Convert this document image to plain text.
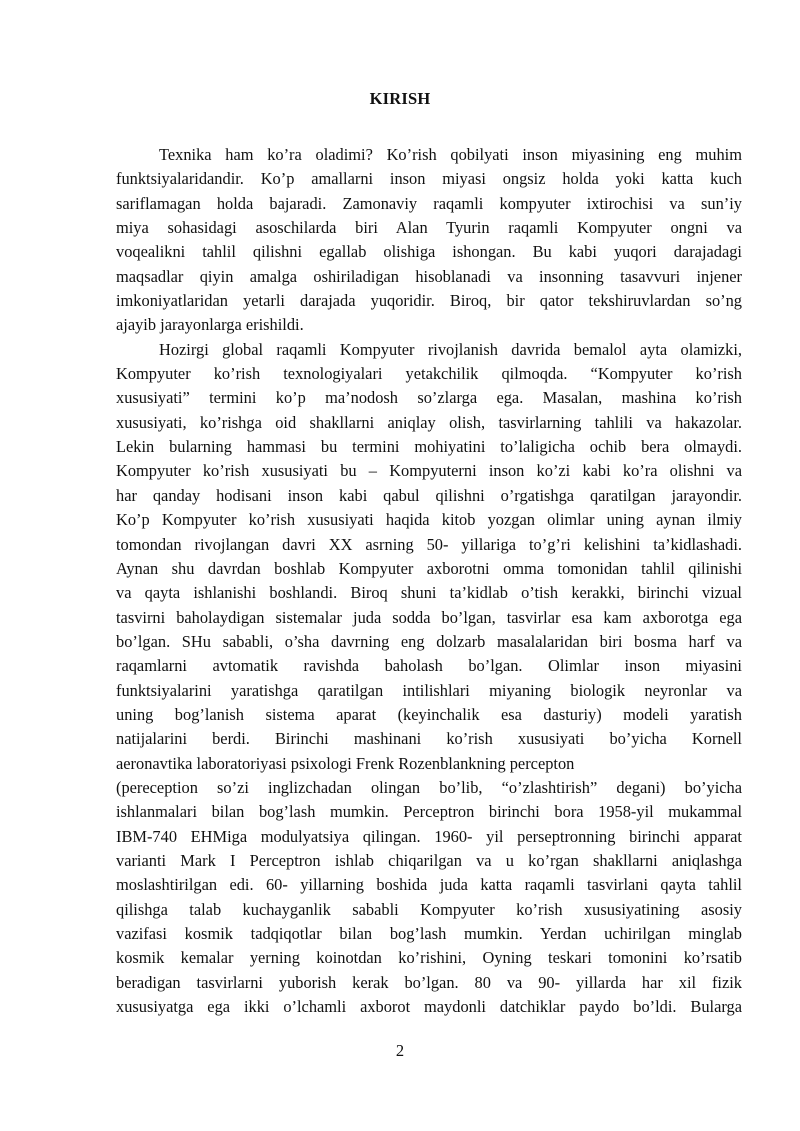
KIRISH
Texnika ham ko’ra oladimi? Ko’rish qobilyati inson miyasining eng muhim
funktsiyalaridandir. Ko’p amallarni inson miyasi ongsiz holda yoki katta kuch
sariflamagan holda bajaradi. Zamonaviy raqamli kompyuter ixtirochisi va sun’iy
miya sohasidagi asoschilarda biri Alan Tyurin raqamli Kompyuter ongni va
voqealikni tahlil qilishni egallab olishiga ishongan. Bu kabi yuqori darajadagi
maqsadlar qiyin amalga oshiriladigan hisoblanadi va insonning tasavvuri injener
imkoniyatlaridan yetarli darajada yuqoridir. Biroq, bir qator tekshiruvlardan so’ng
ajayib jarayonlarga erishildi.
Hozirgi global raqamli Kompyuter rivojlanish davrida bemalol ayta olamizki,
Kompyuter ko’rish texnologiyalari yetakchilik qilmoqda. “Kompyuter ko’rish
xususiyati” termini ko’p ma’nodosh so’zlarga ega. Masalan, mashina ko’rish
xususiyati, ko’rishga oid shakllarni aniqlay olish, tasvirlarning tahlili va hakazolar.
Lekin bularning hammasi bu termini mohiyatini to’laligicha ochib bera olmaydi.
Kompyuter ko’rish xususiyati bu – Kompyuterni inson ko’zi kabi ko’ra olishni va
har qanday hodisani inson kabi qabul qilishni o’rgatishga qaratilgan jarayondir.
Ko’p Kompyuter ko’rish xususiyati haqida kitob yozgan olimlar uning aynan ilmiy
tomondan rivojlangan davri XX asrning 50- yillariga to’g’ri kelishini ta’kidlashadi.
Aynan shu davrdan boshlab Kompyuter axborotni omma tomonidan tahlil qilinishi
va qayta ishlanishi boshlandi. Biroq shuni ta’kidlab o’tish kerakki, birinchi vizual
tasvirni baholaydigan sistemalar juda sodda bo’lgan, tasvirlar esa kam axborotga ega
bo’lgan. SHu sababli, o’sha davrning eng dolzarb masalalaridan biri bosma harf va
raqamlarni avtomatik ravishda baholash bo’lgan. Olimlar inson miyasini
funktsiyalarini yaratishga qaratilgan intilishlari miyaning biologik neyronlar va
uning bog’lanish sistema aparat (keyinchalik esa dasturiy) modeli yaratish
natijalarini berdi. Birinchi mashinani ko’rish xususiyati bo’yicha Kornell
aeronavtika laboratoriyasi psixologi Frenk Rozenblankning percepton
(pereception so’zi inglizchadan olingan bo’lib, “o’zlashtirish” degani) bo’yicha
ishlanmalari bilan bog’lash mumkin. Perceptron birinchi bora 1958-yil mukammal
IBM-740 EHMiga modulyatsiya qilingan. 1960- yil perseptronning birinchi apparat
varianti Mark I Perceptron ishlab chiqarilgan va u ko’rgan shakllarni aniqlashga
moslashtirilgan edi. 60- yillarning boshida juda katta raqamli tasvirlani qayta tahlil
qilishga talab kuchayganlik sababli Kompyuter ko’rish xususiyatining asosiy
vazifasi kosmik tadqiqotlar bilan bog’lash mumkin. Yerdan uchirilgan minglab
kosmik kemalar yerning koinotdan ko’rishini, Oyning teskari tomonini ko’rsatib
beradigan tasvirlarni yuborish kerak bo’lgan. 80 va 90- yillarda har xil fizik
xususiyatga ega ikki o’lchamli axborot maydonli datchiklar paydo bo’ldi. Bularga
2
